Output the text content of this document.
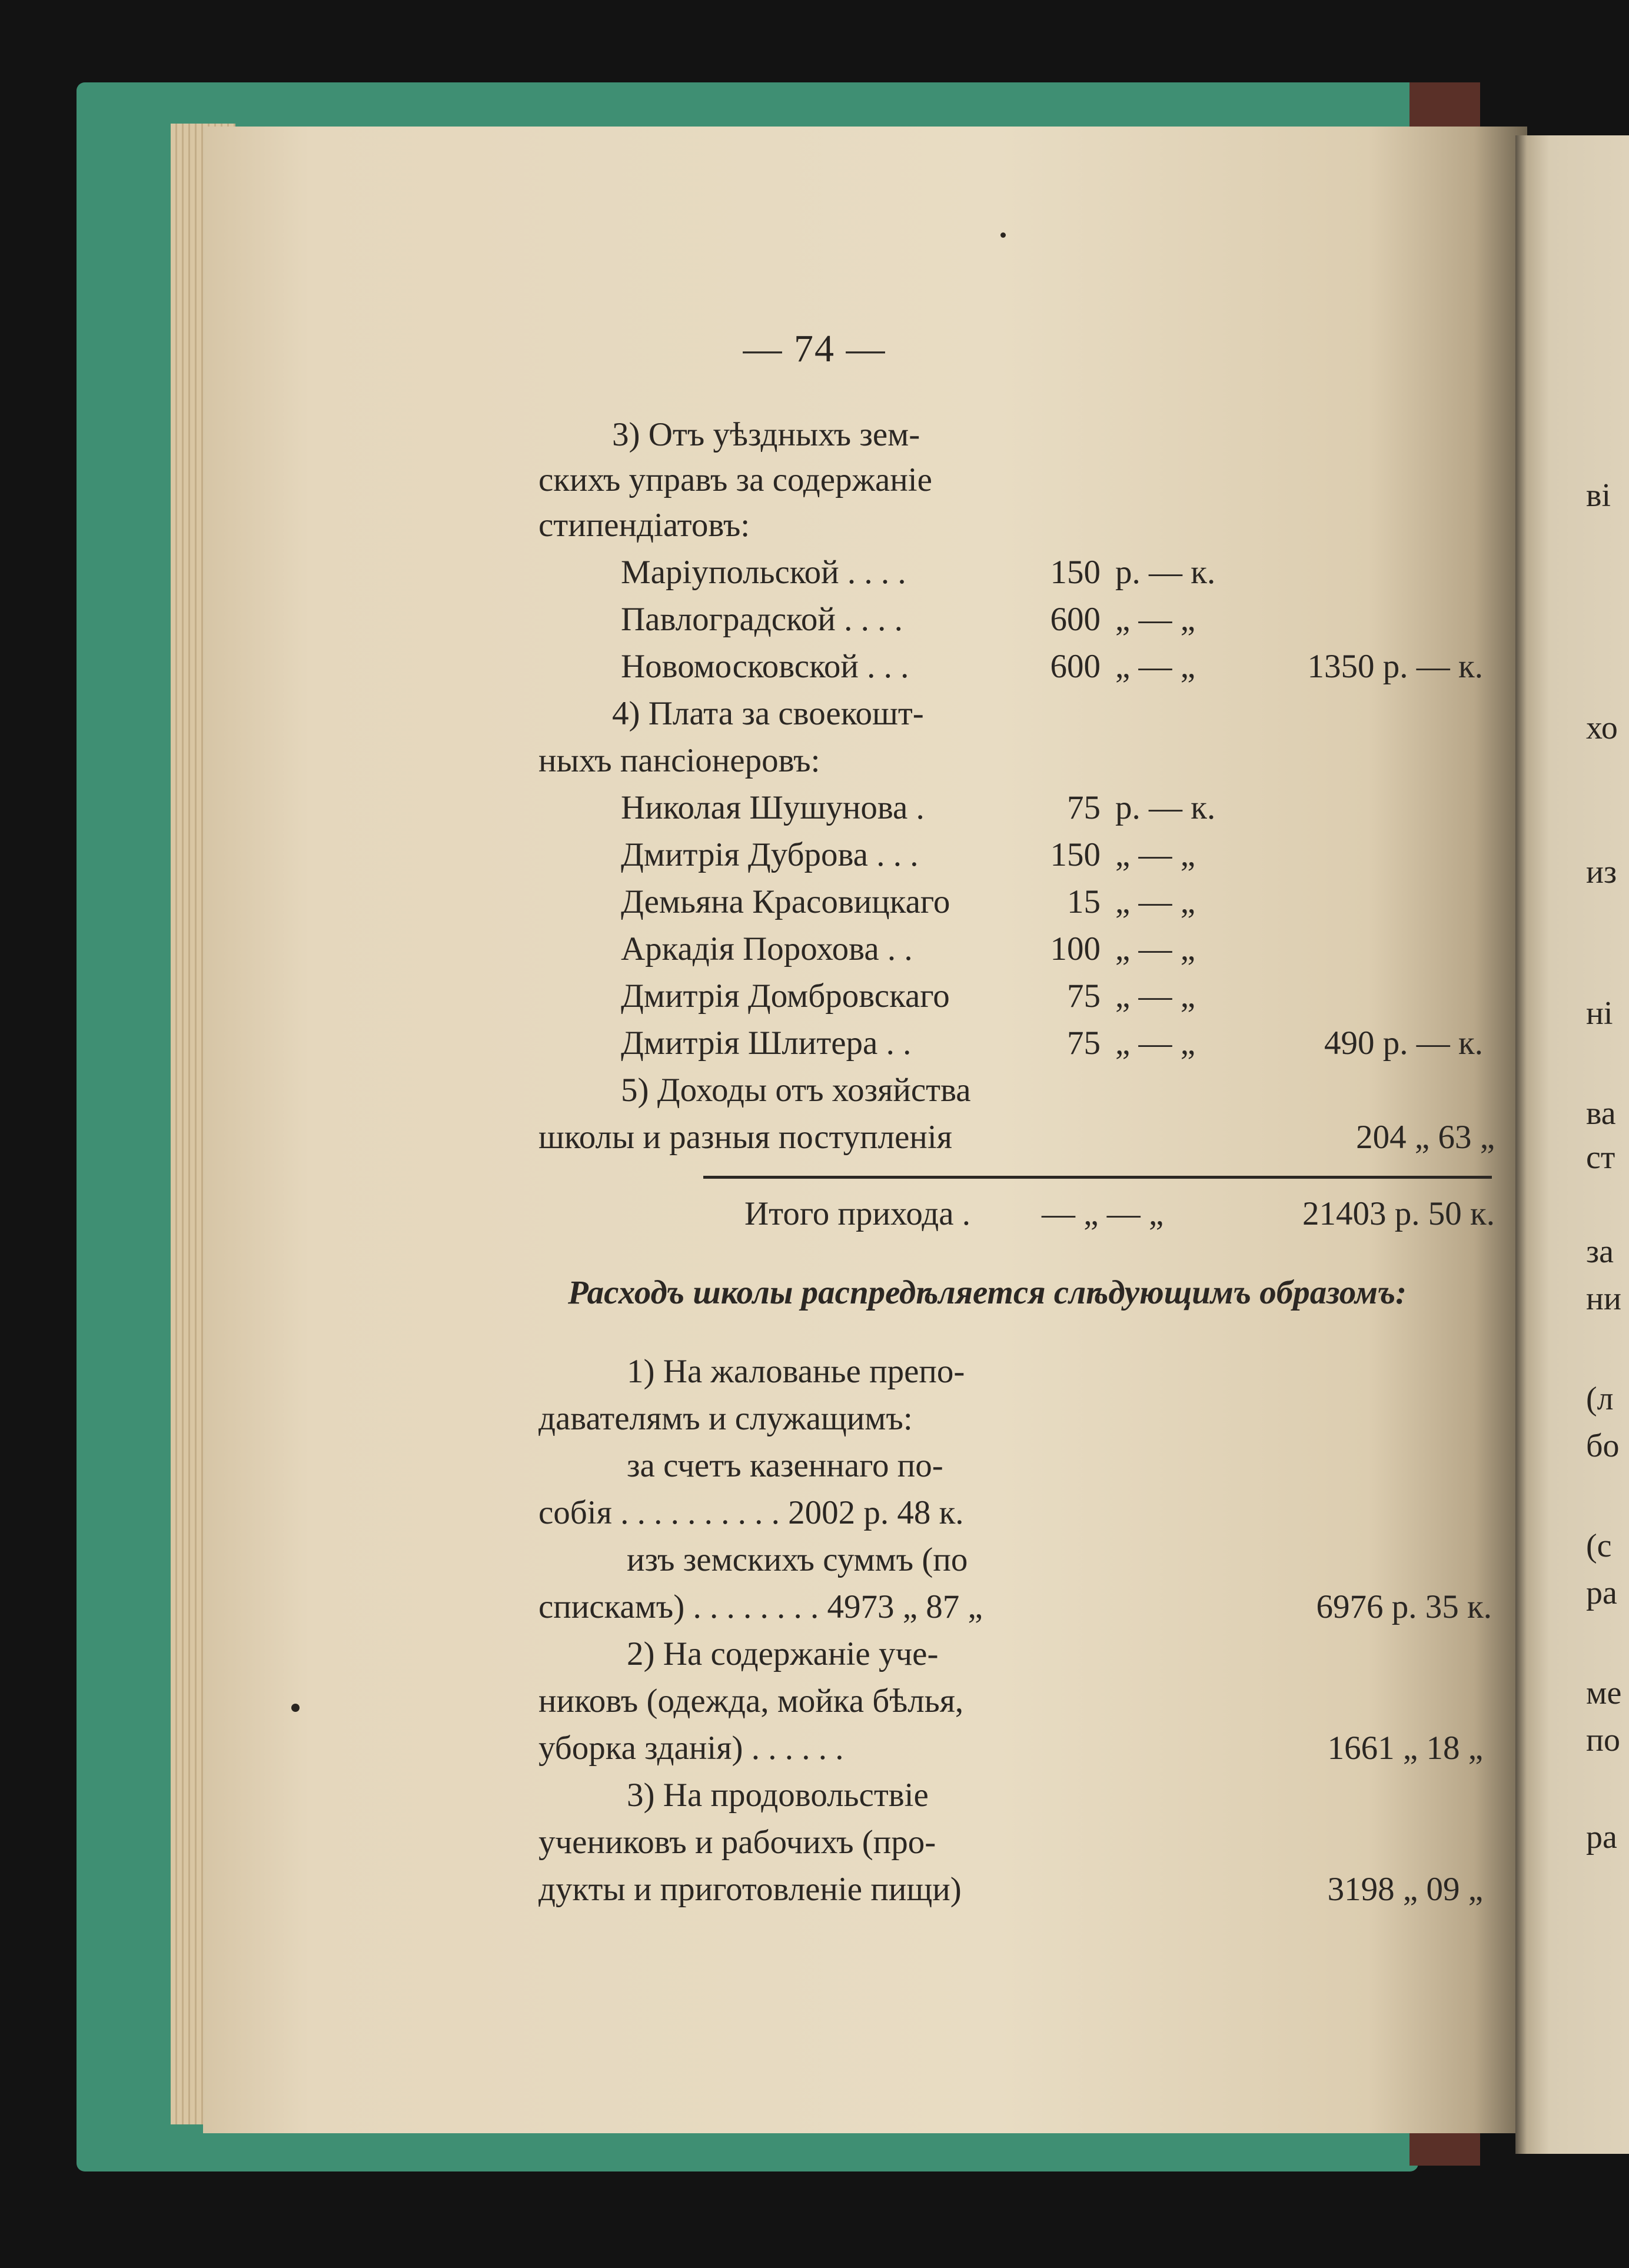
ві
хо
из
ні
ва
ст
за
ни
(л
бо
(с
ра
ме
по
ра
— 74 —
3) Отъ уѣздныхъ зем-
скихъ управъ за содержаніе
стипендіатовъ:
Маріупольской . . . .	150 р. — к.
Павлоградской . . . .	600 „ — „
Новомосковской . . .	600 „ — „	1350 р. — к.
4) Плата за своекошт-
ныхъ пансіонеровъ:
Николая Шушунова .	75 р. — к.
Дмитрія Дуброва . . .	150 „ — „
Демьяна Красовицкаго	15 „ — „
Аркадія Порохова . .	100 „ — „
Дмитрія Домбровскаго	75 „ — „
Дмитрія Шлитера . .	75 „ — „	490 р. — к.
5) Доходы отъ хозяйства
школы и разныя поступленія	204 „ 63 „
Итого прихода . — „ — „	21403 р. 50 к.
Расходъ школы распредѣляется слѣдующимъ образомъ:
1) На жалованье препо-
давателямъ и служащимъ:
за счетъ казеннаго по-
собія . . . . . . . . . . 2002 р. 48 к.
изъ земскихъ суммъ (по
спискамъ) . . . . . . . . 4973 „ 87 „	6976 р. 35 к.
2) На содержаніе уче-
никовъ (одежда, мойка бѣлья,
уборка зданія) . . . . . .	1661 „ 18 „
3) На продовольствіе
учениковъ и рабочихъ (про-
дукты и приготовленіе пищи)	3198 „ 09 „
